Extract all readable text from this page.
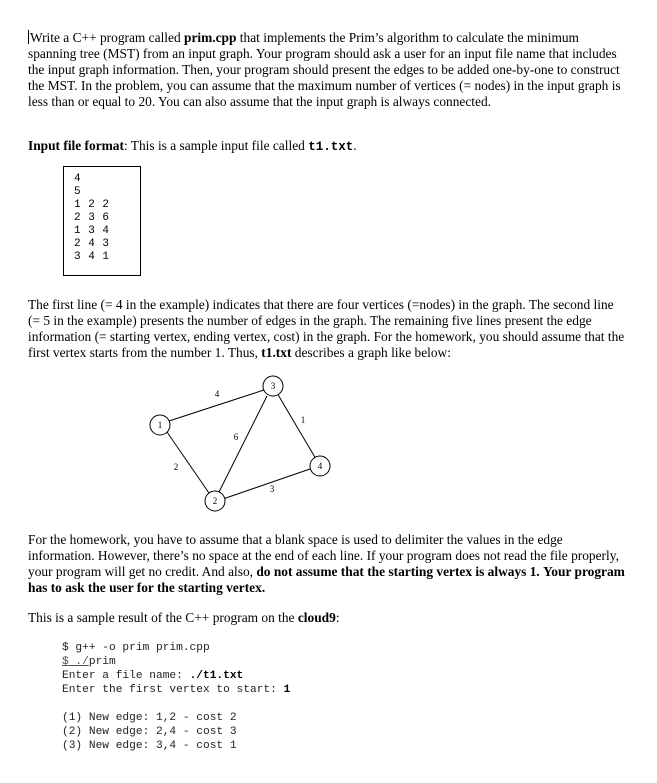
Write a C++ program called prim.cpp that implements the Prim’s algorithm to calculate the minimum spanning tree (MST) from an input graph. Your program should ask a user for an input file name that includes the input graph information. Then, your program should present the edges to be added one-by-one to construct the MST. In the problem, you can assume that the maximum number of vertices (= nodes) in the input graph is less than or equal to 20. You can also assume that the input graph is always connected.

Input file format: This is a sample input file called t1.txt.

4
5
1 2 2
2 3 6
1 3 4
2 4 3
3 4 1

The first line (= 4 in the example) indicates that there are four vertices (=nodes) in the graph. The second line (= 5 in the example) presents the number of edges in the graph. The remaining five lines present the edge information (= starting vertex, ending vertex, cost) in the graph. For the homework, you should assume that the first vertex starts from the number 1. Thus, t1.txt describes a graph like below:

1
2
3
4
4
2
6
1
3

For the homework, you have to assume that a blank space is used to delimiter the values in the edge information. However, there’s no space at the end of each line. If your program does not read the file properly, your program will get no credit. And also, do not assume that the starting vertex is always 1. Your program has to ask the user for the starting vertex.

This is a sample result of the C++ program on the cloud9:

$ g++ -o prim prim.cpp
$ ./prim
Enter a file name: ./t1.txt
Enter the first vertex to start: 1
(1) New edge: 1,2 - cost 2
(2) New edge: 2,4 - cost 3
(3) New edge: 3,4 - cost 1
